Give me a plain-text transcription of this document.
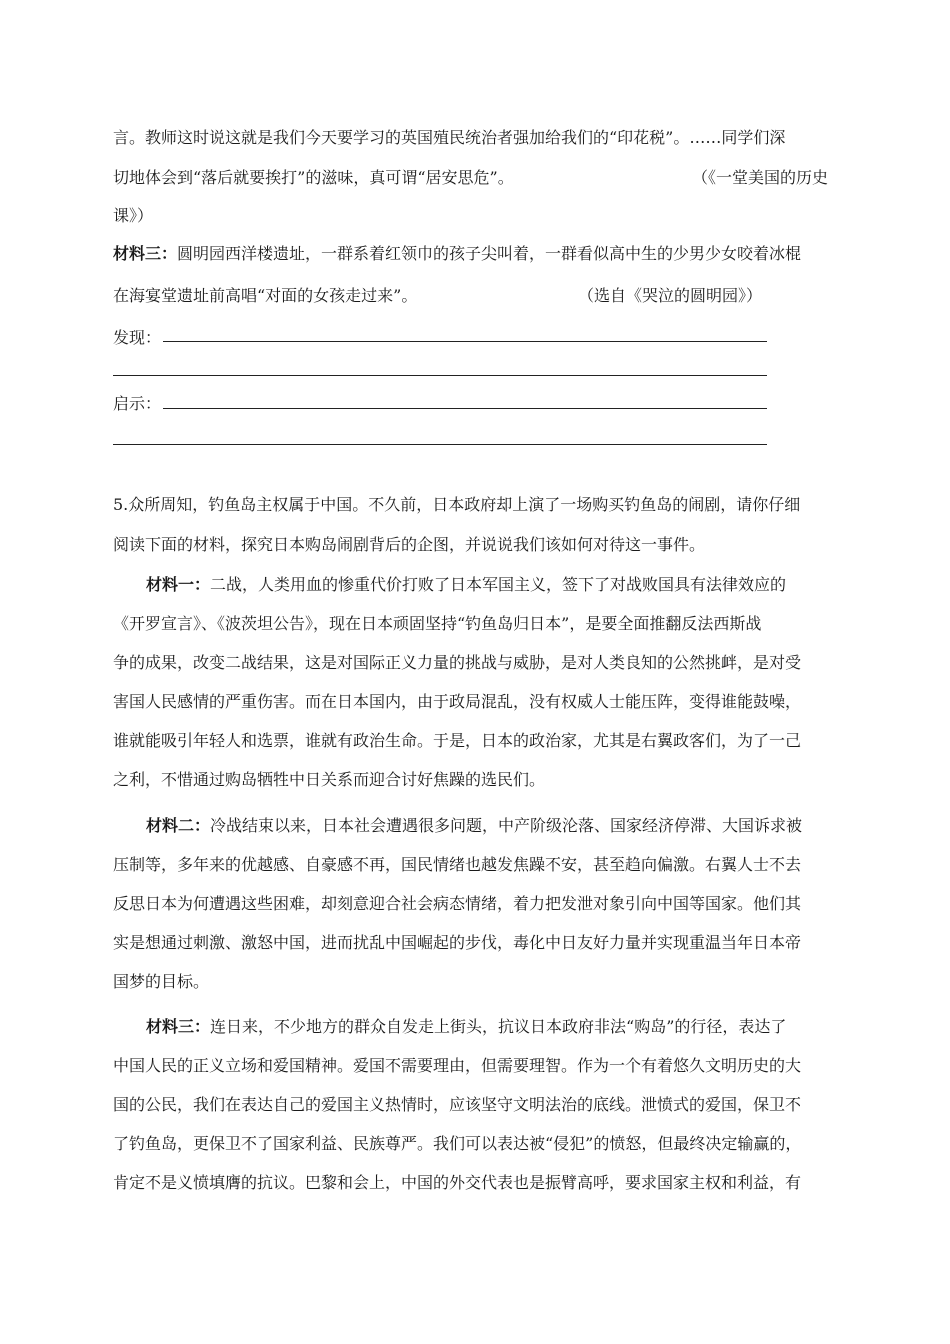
言。教师这时说这就是我们今天要学习的英国殖民统治者强加给我们的“印花税”。……同学们深
切地体会到“落后就要挨打”的滋味，真可谓“居安思危”。	（《一堂美国的历史
课》）
材料三：圆明园西洋楼遗址，一群系着红领巾的孩子尖叫着，一群看似高中生的少男少女咬着冰棍
在海宴堂遗址前高唱“对面的女孩走过来”。	（选自《哭泣的圆明园》）
发现：
启示：
5.众所周知，钓鱼岛主权属于中国。不久前，日本政府却上演了一场购买钓鱼岛的闹剧，请你仔细
阅读下面的材料，探究日本购岛闹剧背后的企图，并说说我们该如何对待这一事件。
材料一：二战，人类用血的惨重代价打败了日本军国主义，签下了对战败国具有法律效应的
《开罗宣言》、《波茨坦公告》，现在日本顽固坚持“钓鱼岛归日本”，是要全面推翻反法西斯战
争的成果，改变二战结果，这是对国际正义力量的挑战与威胁，是对人类良知的公然挑衅，是对受
害国人民感情的严重伤害。而在日本国内，由于政局混乱，没有权威人士能压阵，变得谁能鼓噪，
谁就能吸引年轻人和选票，谁就有政治生命。于是，日本的政治家，尤其是右翼政客们，为了一己
之利，不惜通过购岛牺牲中日关系而迎合讨好焦躁的选民们。
材料二：冷战结束以来，日本社会遭遇很多问题，中产阶级沦落、国家经济停滞、大国诉求被
压制等，多年来的优越感、自豪感不再，国民情绪也越发焦躁不安，甚至趋向偏激。右翼人士不去
反思日本为何遭遇这些困难，却刻意迎合社会病态情绪，着力把发泄对象引向中国等国家。他们其
实是想通过刺激、激怒中国，进而扰乱中国崛起的步伐，毒化中日友好力量并实现重温当年日本帝
国梦的目标。
材料三：连日来，不少地方的群众自发走上街头，抗议日本政府非法“购岛”的行径，表达了
中国人民的正义立场和爱国精神。爱国不需要理由，但需要理智。作为一个有着悠久文明历史的大
国的公民，我们在表达自己的爱国主义热情时，应该坚守文明法治的底线。泄愤式的爱国，保卫不
了钓鱼岛，更保卫不了国家利益、民族尊严。我们可以表达被“侵犯”的愤怒，但最终决定输赢的，
肯定不是义愤填膺的抗议。巴黎和会上，中国的外交代表也是振臂高呼，要求国家主权和利益，有
